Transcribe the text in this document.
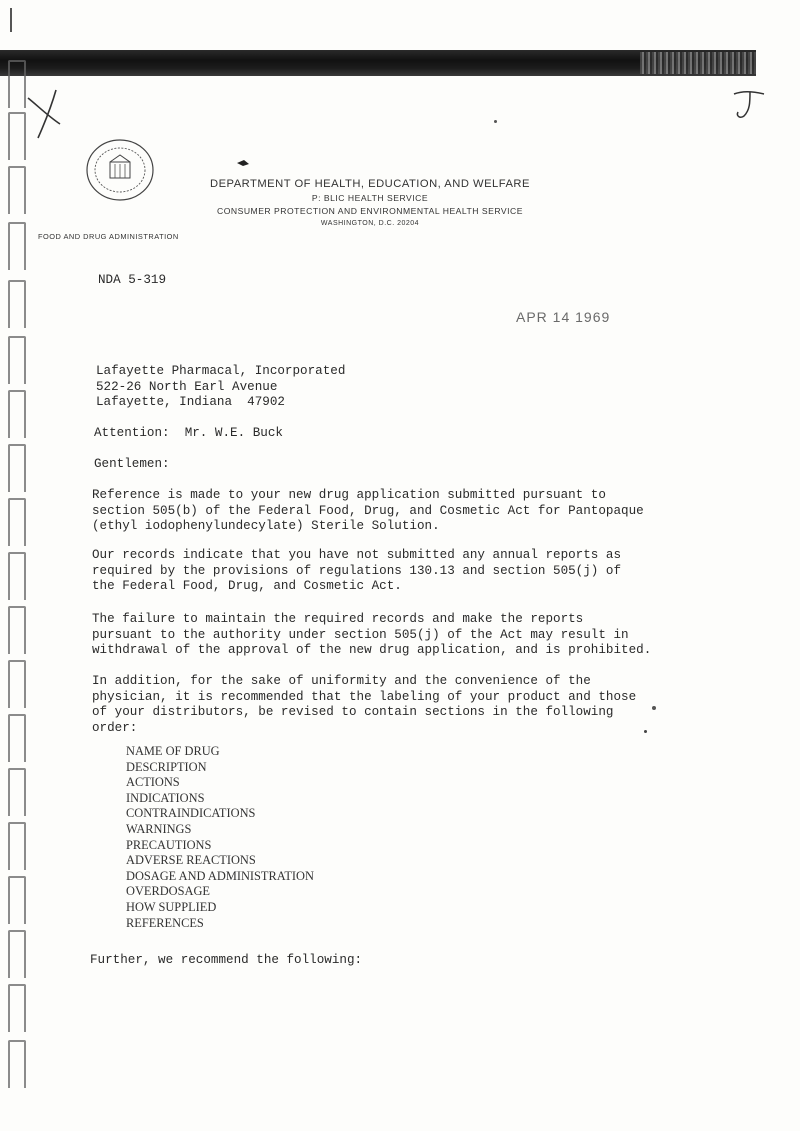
DEPARTMENT OF HEALTH, EDUCATION, AND WELFARE
P: BLIC HEALTH SERVICE
CONSUMER PROTECTION AND ENVIRONMENTAL HEALTH SERVICE
WASHINGTON, D.C. 20204
FOOD AND DRUG ADMINISTRATION
NDA 5-319
APR 14 1969
Lafayette Pharmacal, Incorporated
522-26 North Earl Avenue
Lafayette, Indiana  47902
Attention:  Mr. W.E. Buck
Gentlemen:
Reference is made to your new drug application submitted pursuant to
section 505(b) of the Federal Food, Drug, and Cosmetic Act for Pantopaque
(ethyl iodophenylundecylate) Sterile Solution.
Our records indicate that you have not submitted any annual reports as
required by the provisions of regulations 130.13 and section 505(j) of
the Federal Food, Drug, and Cosmetic Act.
The failure to maintain the required records and make the reports
pursuant to the authority under section 505(j) of the Act may result in
withdrawal of the approval of the new drug application, and is prohibited.
In addition, for the sake of uniformity and the convenience of the
physician, it is recommended that the labeling of your product and those
of your distributors, be revised to contain sections in the following
order:
NAME OF DRUG
DESCRIPTION
ACTIONS
INDICATIONS
CONTRAINDICATIONS
WARNINGS
PRECAUTIONS
ADVERSE REACTIONS
DOSAGE AND ADMINISTRATION
OVERDOSAGE
HOW SUPPLIED
REFERENCES
Further, we recommend the following:
